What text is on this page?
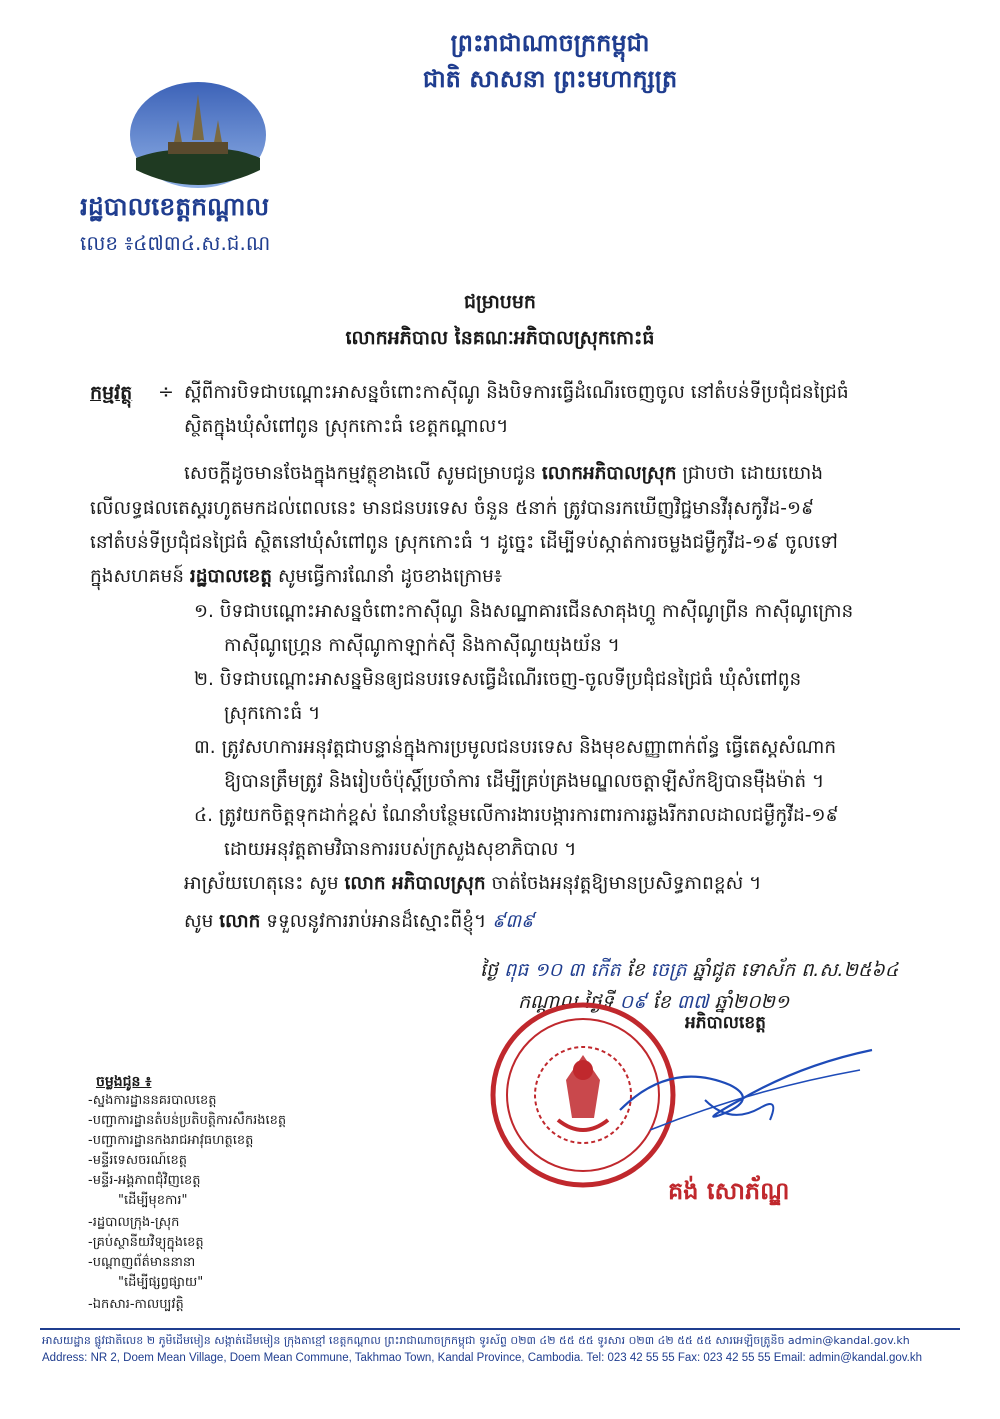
ព្រះរាជាណាចក្រកម្ពុជា
ជាតិ សាសនា ព្រះមហាក្សត្រ
រដ្ឋបាលខេត្តកណ្តាល
លេខ ៖៤៧៣៤.ស.ជ.ណ
ជម្រាបមក
លោកអភិបាល នៃគណៈអភិបាលស្រុកកោះធំ
កម្មវត្ថុ ÷ ស្តីពីការបិទជាបណ្តោះអាសន្នចំពោះកាស៊ីណូ និងបិទការធ្វើដំណើរចេញចូល នៅតំបន់ទីប្រជុំជនជ្រៃធំ
ស្ថិតក្នុងឃុំសំពៅពូន ស្រុកកោះធំ ខេត្តកណ្តាល។
សេចក្តីដូចមានចែងក្នុងកម្មវត្ថុខាងលើ សូមជម្រាបជូន លោកអភិបាលស្រុក ជ្រាបថា ដោយយោង
លើលទ្ធផលតេស្តរហូតមកដល់ពេលនេះ មានជនបរទេស ចំនួន ៥នាក់ ត្រូវបានរកឃើញវិជ្ជមានវីរុសកូវីដ-១៩
នៅតំបន់ទីប្រជុំជនជ្រៃធំ ស្ថិតនៅឃុំសំពៅពូន ស្រុកកោះធំ ។ ដូច្នេះ ដើម្បីទប់ស្កាត់ការចម្លងជម្ងឺកូវីដ-១៩ ចូលទៅ
ក្នុងសហគមន៍ រដ្ឋបាលខេត្ត សូមធ្វើការណែនាំ ដូចខាងក្រោម៖
១. បិទជាបណ្តោះអាសន្នចំពោះកាស៊ីណូ និងសណ្ឋាគារជើនសាគុងហ្គូ កាស៊ីណូព្រីន កាស៊ីណូក្រោន
កាស៊ីណូហ្គ្រេន កាស៊ីណូកាឡាក់ស៊ី និងកាស៊ីណូយុងយ័ន ។
២. បិទជាបណ្តោះអាសន្នមិនឲ្យជនបរទេសធ្វើដំណើរចេញ-ចូលទីប្រជុំជនជ្រៃធំ ឃុំសំពៅពូន
ស្រុកកោះធំ ។
៣. ត្រូវសហការអនុវត្តជាបន្ទាន់ក្នុងការប្រមូលជនបរទេស និងមុខសញ្ញាពាក់ព័ន្ធ ធ្វើតេស្តសំណាក
ឱ្យបានត្រឹមត្រូវ និងរៀបចំប៉ុស្តិ៍ប្រចាំការ ដើម្បីគ្រប់គ្រងមណ្ឌលចត្តាឡីស័កឱ្យបានម៉ឺងម៉ាត់ ។
៤. ត្រូវយកចិត្តទុកដាក់ខ្ពស់ ណែនាំបន្ថែមលើការងារបង្ការការពារការឆ្លងរីករាលដាលជម្ងឺកូវីដ-១៩
ដោយអនុវត្តតាមវិធានការរបស់ក្រសួងសុខាភិបាល ។
អាស្រ័យហេតុនេះ សូម លោក អភិបាលស្រុក ចាត់ចែងអនុវត្តឱ្យមានប្រសិទ្ធភាពខ្ពស់ ។
សូម លោក ទទួលនូវការរាប់អានដ៏ស្មោះពីខ្ញុំ។ ៩៣៩
ថ្ងៃ ពុធ ១០ ៣ កើត ខែ ចេត្រ ឆ្នាំជូត ទោស័ក ព.ស.២៥៦៤
កណ្តាល ថ្ងៃទី ០៩ ខែ ៣៧ ឆ្នាំ២០២១
អភិបាលខេត្ត
គង់ សោភ័ណ្ឌ
ចម្លងជូន ៖
-ស្នងការដ្ឋាននគរបាលខេត្ត
-បញ្ជាការដ្ឋានតំបន់ប្រតិបត្តិការសឹករងខេត្ត
-បញ្ជាការដ្ឋានកងរាជអាវុធហត្ថខេត្ត
-មន្ទីរទេសចរណ៍ខេត្ត
-មន្ទីរ-អង្គភាពជុំវិញខេត្ត
"ដើម្បីមុខការ"
-រដ្ឋបាលក្រុង-ស្រុក
-គ្រប់ស្ថានីយវិទ្យុក្នុងខេត្ត
-បណ្តាញព័ត៌មាននានា
"ដើម្បីផ្សព្វផ្សាយ"
-ឯកសារ-កាលប្បវត្តិ
អាសយដ្ឋាន ផ្លូវជាតិលេខ ២ ភូមិដើមមៀន សង្កាត់ដើមមៀន ក្រុងតាខ្មៅ ខេត្តកណ្តាល ព្រះរាជាណាចក្រកម្ពុជា ទូរស័ព្ទ ០២៣ ៤២ ៥៥ ៥៥ ទូរសារ ០២៣ ៤២ ៥៥ ៥៥ សារអេឡិចត្រូនិច admin@kandal.gov.kh
Address: NR 2, Doem Mean Village, Doem Mean Commune, Takhmao Town, Kandal Province, Cambodia. Tel: 023 42 55 55 Fax: 023 42 55 55 Email: admin@kandal.gov.kh
